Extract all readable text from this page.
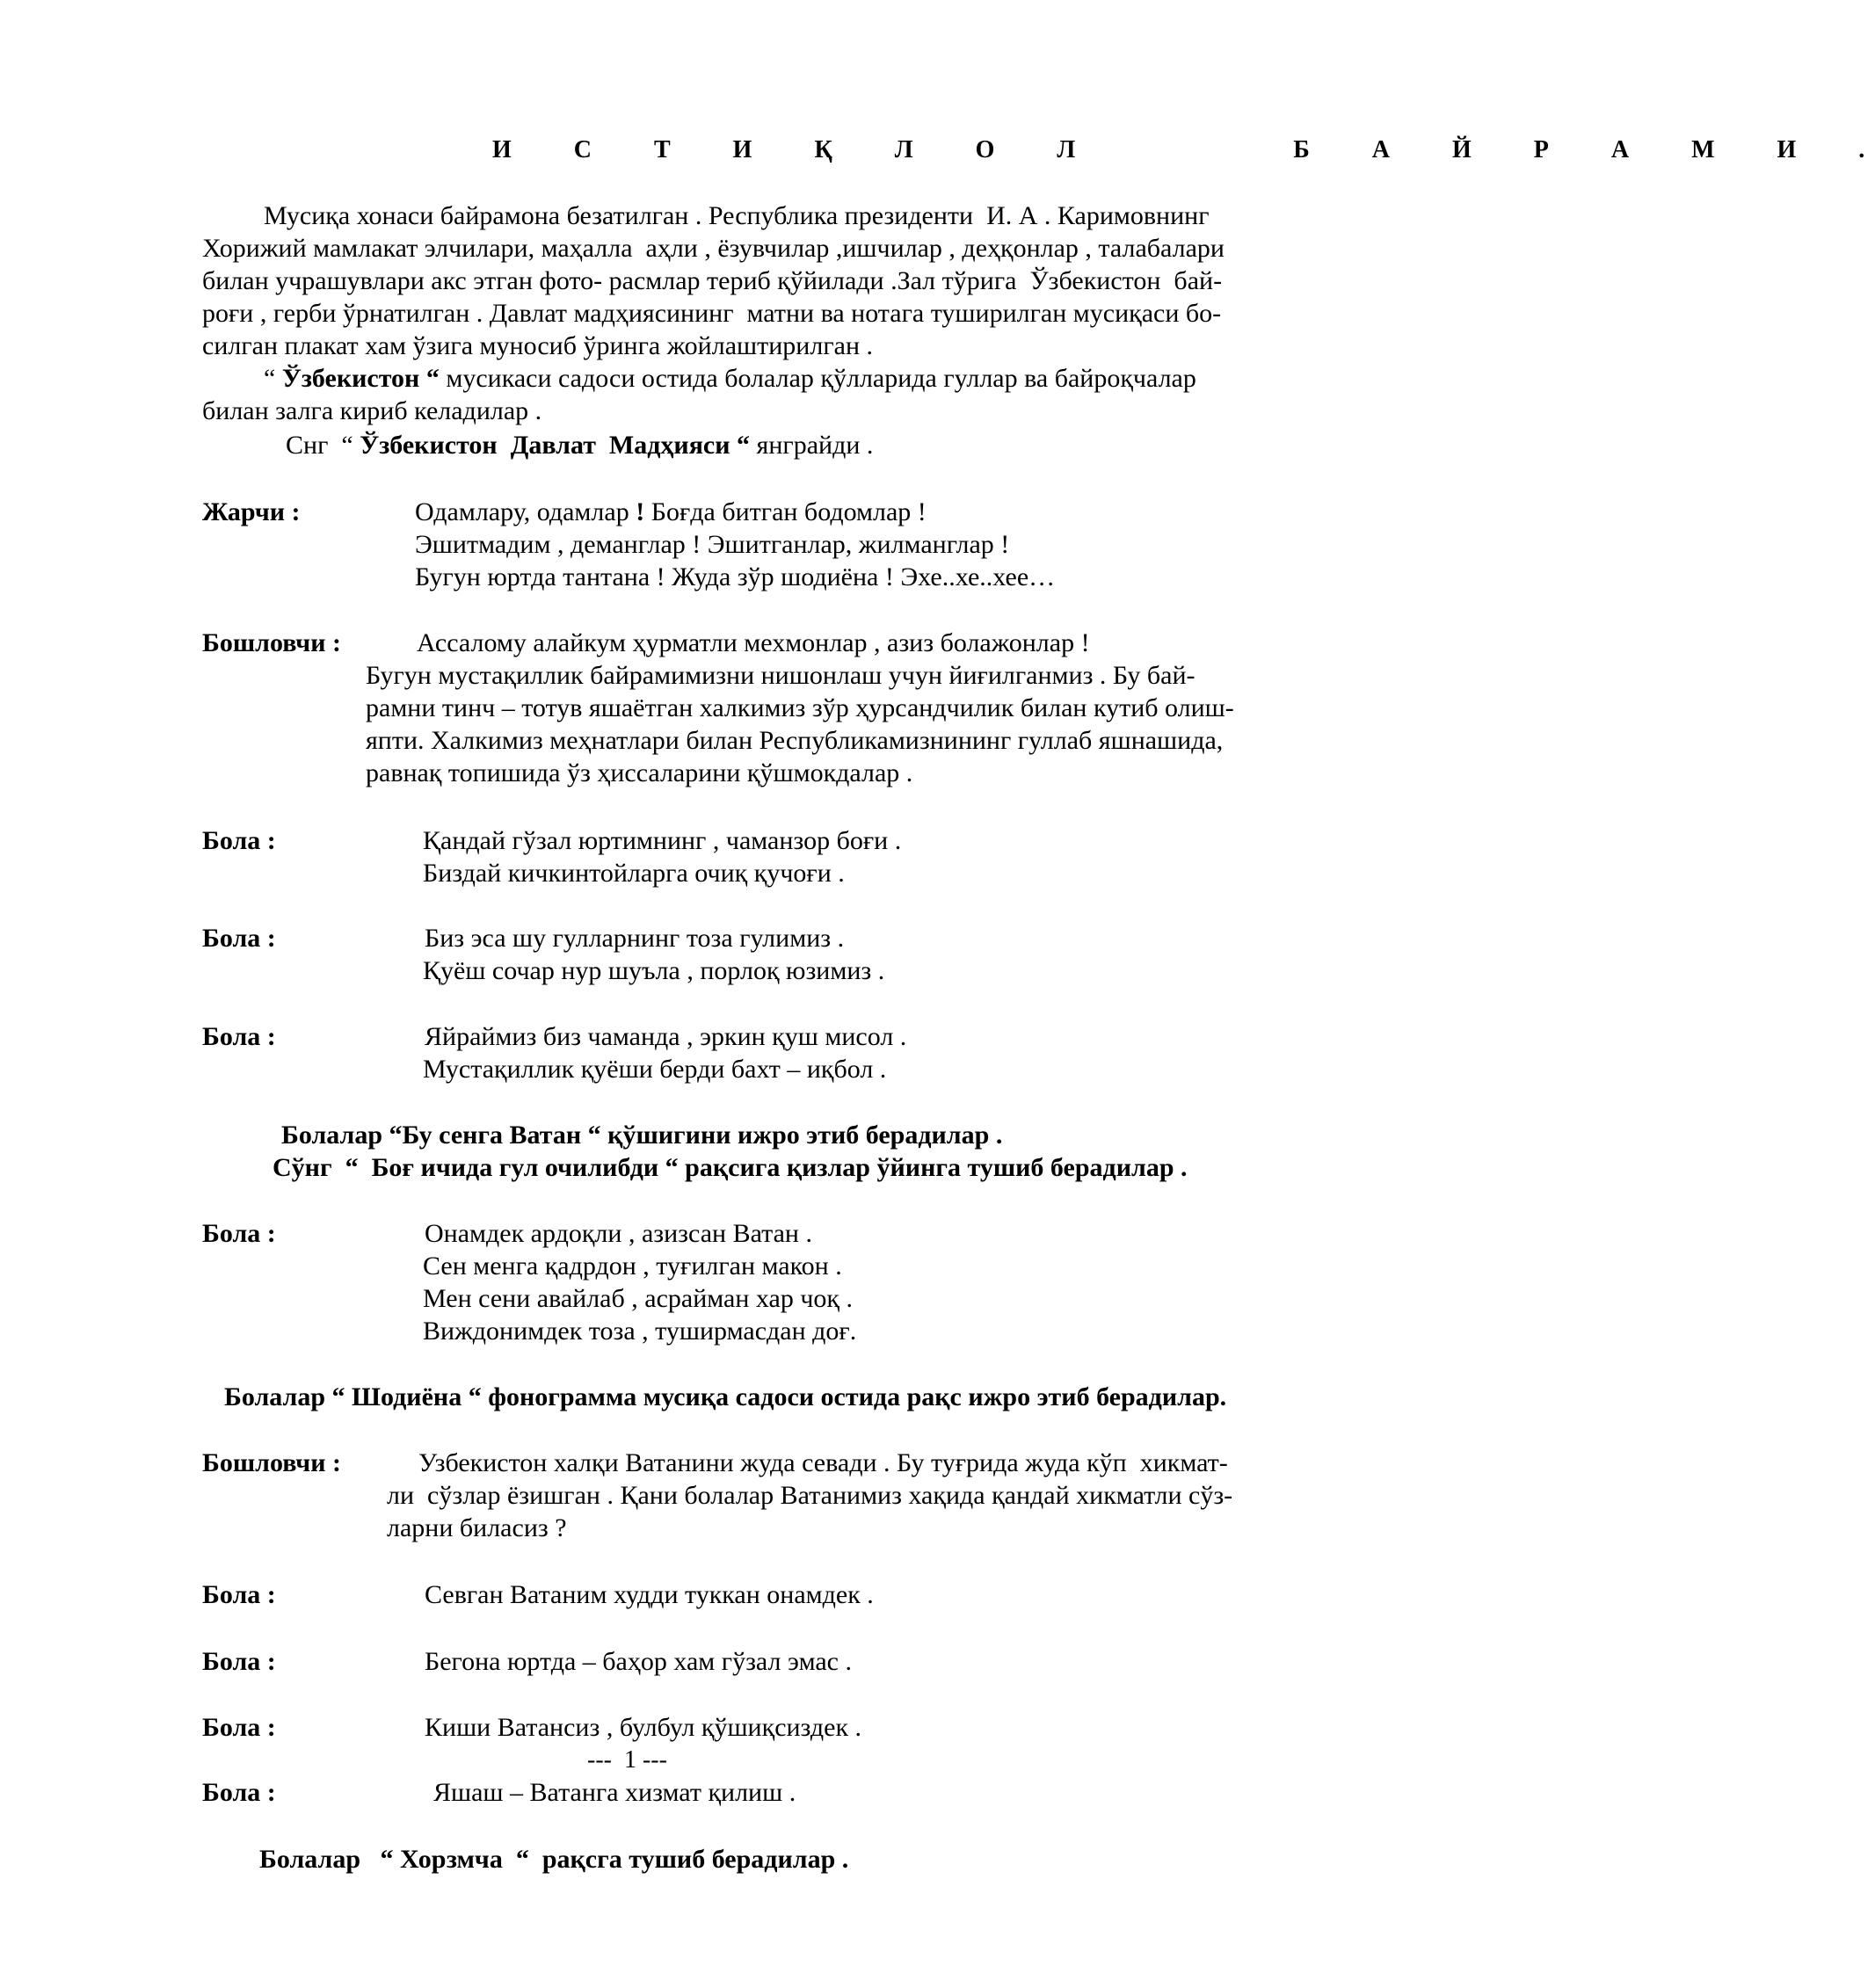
И С Т И Қ Л О Л    Б А Й Р А М И .
Мусиқа хонаси байрамона безатилган . Республика президенти  И. А . Каримовнинг
Хорижий мамлакат элчилари, маҳалла  аҳли , ёзувчилар ,ишчилар , деҳқонлар , талабалари
билан учрашувлари акс этган фото- расмлар териб қўйилади .Зал тўрига  Ўзбекистон  бай-
роғи , герби ўрнатилган . Давлат мадҳиясининг  матни ва нотага туширилган мусиқаси бо-
силган плакат хам ўзига муносиб ўринга жойлаштирилган .
“ Ўзбекистон “ мусикаси садоси остида болалар қўлларида гуллар ва байроқчалар
билан залга кириб келадилар .
Снг  “ Ўзбекистон  Давлат  Мадҳияси “ янграйди .
Жарчи :	Одамлару, одамлар ! Боғда битган бодомлар !
Эшитмадим , деманглар ! Эшитганлар, жилманглар !
Бугун юртда тантана ! Жуда зўр шодиёна ! Эхе..хе..хее…
Бошловчи :	Ассалому алайкум ҳурматли мехмонлар , азиз болажонлар !
Бугун мустақиллик байрамимизни нишонлаш учун йиғилганмиз . Бу бай-
рамни тинч – тотув яшаётган халкимиз зўр ҳурсандчилик билан кутиб олиш-
япти. Халкимиз меҳнатлари билан Республикамизнининг гуллаб яшнашида,
равнақ топишида ўз ҳиссаларини қўшмокдалар .
Бола :	Қандай гўзал юртимнинг , чаманзор боғи .
Биздай кичкинтойларга очиқ қучоғи .
Бола :	Биз эса шу гулларнинг тоза гулимиз .
Қуёш сочар нур шуъла , порлоқ юзимиз .
Бола :	Яйраймиз биз чаманда , эркин қуш мисол .
Мустақиллик қуёши берди бахт – иқбол .
Болалар “Бу сенга Ватан “ қўшигини ижро этиб берадилар .
Сўнг  “  Боғ ичида гул очилибди “ рақсига қизлар ўйинга тушиб берадилар .
Бола :	Онамдек ардоқли , азизсан Ватан .
Сен менга қадрдон , туғилган макон .
Мен сени авайлаб , асрайман хар чоқ .
Виждонимдек тоза , туширмасдан доғ.
Болалар “ Шодиёна “ фонограмма мусиқа садоси остида рақс ижро этиб берадилар.
Бошловчи :	Узбекистон халқи Ватанини жуда севади . Бу туғрида жуда кўп  хикмат-
ли  сўзлар ёзишган . Қани болалар Ватанимиз хақида қандай хикматли сўз-
ларни биласиз ?
Бола :	Севган Ватаним худди туккан онамдек .
Бола :	Бегона юртда – баҳор хам гўзал эмас .
Бола :	Киши Ватансиз , булбул қўшиқсиздек .
---  1 ---
Бола :	Яшаш – Ватанга хизмат қилиш .
Болалар   “ Хорзмча  “  рақсга тушиб берадилар .
